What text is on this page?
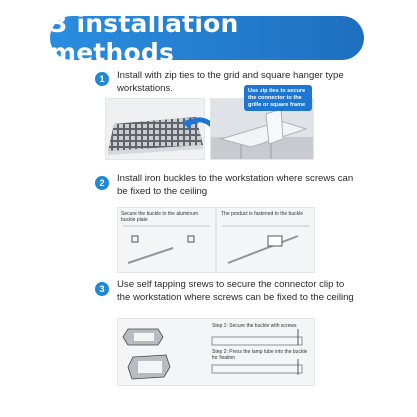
3 installation methods
1	Install with zip ties to the grid and square hanger type workstations.	Use zip ties to secure the connector to the grille or square frame
2	Install iron buckles to the workstation where screws can be fixed to the ceiling
Secure the buckle to the aluminum buckle plate
The product is fastened to the buckle
3	Use self tapping srews to secure the connector clip to the workstation where screws can be fixed to the ceiling
Step 1: Secure the buckle with screws
Step 2: Press the lamp tube into the buckle for fixation
